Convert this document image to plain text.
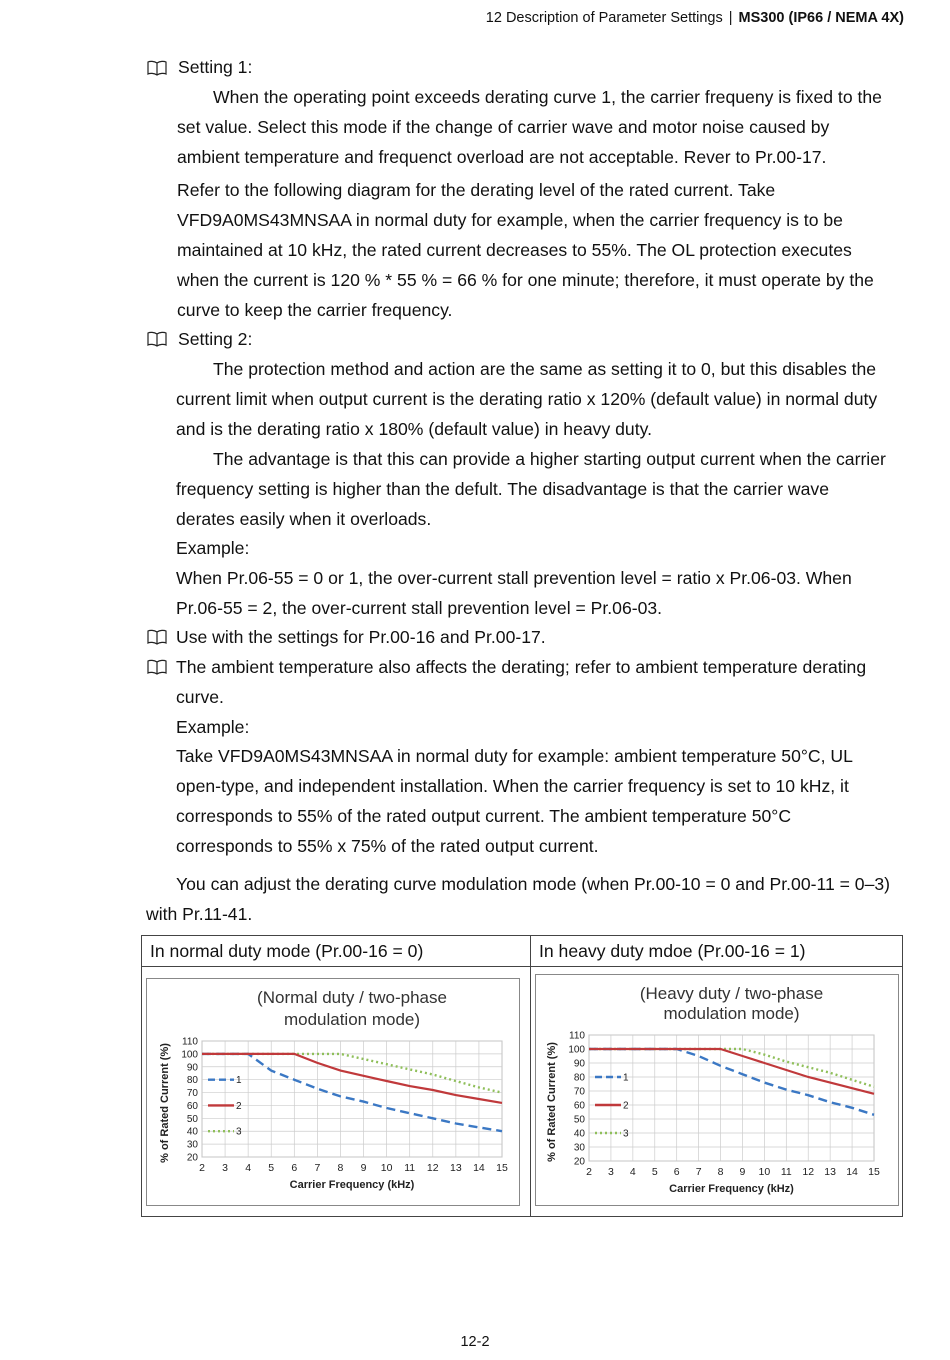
12 Description of Parameter Settings | MS300 (IP66 / NEMA 4X)
Setting 1:
When the operating point exceeds derating curve 1, the carrier frequeny is fixed to the
set value. Select this mode if the change of carrier wave and motor noise caused by
ambient temperature and frequenct overload are not acceptable. Rever to Pr.00-17.
Refer to the following diagram for the derating level of the rated current. Take
VFD9A0MS43MNSAA in normal duty for example, when the carrier frequency is to be
maintained at 10 kHz, the rated current decreases to 55%. The OL protection executes
when the current is 120 % * 55 % = 66 % for one minute; therefore, it must operate by the
curve to keep the carrier frequency.
Setting 2:
The protection method and action are the same as setting it to 0, but this disables the
current limit when output current is the derating ratio x 120% (default value) in normal duty
and is the derating ratio x 180% (default value) in heavy duty.
The advantage is that this can provide a higher starting output current when the carrier
frequency setting is higher than the defult. The disadvantage is that the carrier wave
derates easily when it overloads.
Example:
When Pr.06-55 = 0 or 1, the over-current stall prevention level = ratio x Pr.06-03. When
Pr.06-55 = 2, the over-current stall prevention level = Pr.06-03.
Use with the settings for Pr.00-16 and Pr.00-17.
The ambient temperature also affects the derating; refer to ambient temperature derating
curve.
Example:
Take VFD9A0MS43MNSAA in normal duty for example: ambient temperature 50°C, UL
open-type, and independent installation. When the carrier frequency is set to 10 kHz, it
corresponds to 55% of the rated output current. The ambient temperature 50°C
corresponds to 55% x 75% of the rated output current.
You can adjust the derating curve modulation mode (when Pr.00-10 = 0 and Pr.00-11 = 0–3)
with Pr.11-41.
In normal duty mode (Pr.00-16 = 0)	In heavy duty mdoe (Pr.00-16 = 1)

(Normal duty / two-phase
modulation mode)
20
30
40
50
60
70
80
90
100
110
2 3 4 5 6 7 8 9 10 11 12 13 14 15
Carrier Frequency (kHz)
% of Rated Current (%)	1
2
3
(Heavy duty / two-phase
modulation mode)
20
30
40
50
60
70
80
90
100
110
2 3 4 5 6 7 8 9 10 11 12 13 14 15
Carrier Frequency (kHz)
% of Rated Current (%)	1
2
3
12-2
